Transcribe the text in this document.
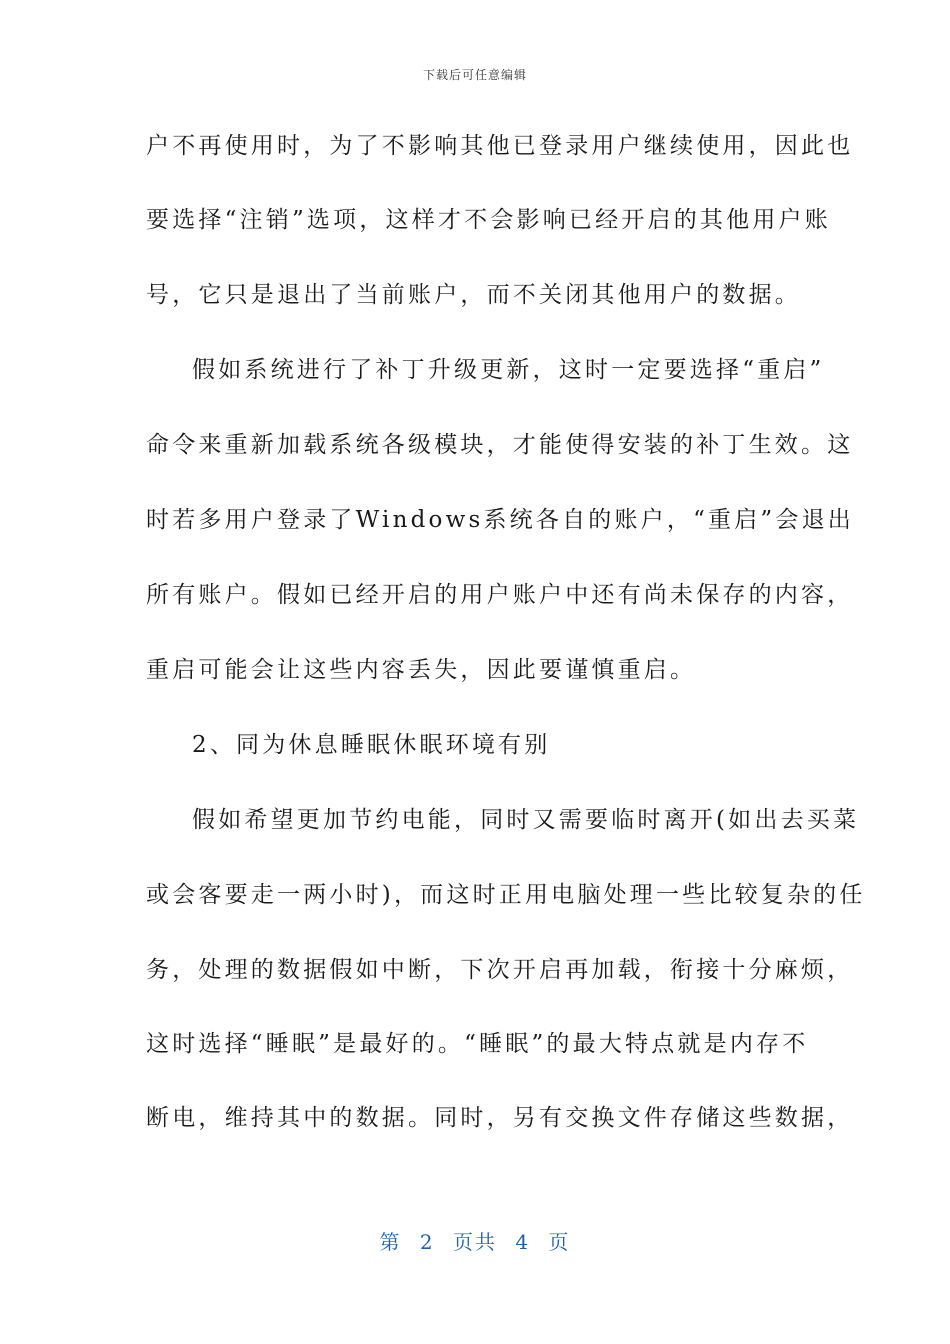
下载后可任意编辑
户不再使用时，为了不影响其他已登录用户继续使用，因此也
要选择“注销”选项，这样才不会影响已经开启的其他用户账
号，它只是退出了当前账户，而不关闭其他用户的数据。
假如系统进行了补丁升级更新，这时一定要选择“重启”
命令来重新加载系统各级模块，才能使得安装的补丁生效。这
时若多用户登录了Windows系统各自的账户，“重启”会退出
所有账户。假如已经开启的用户账户中还有尚未保存的内容，
重启可能会让这些内容丢失，因此要谨慎重启。
2、同为休息睡眠休眠环境有别
假如希望更加节约电能，同时又需要临时离开(如出去买菜
或会客要走一两小时)，而这时正用电脑处理一些比较复杂的任
务，处理的数据假如中断，下次开启再加载，衔接十分麻烦，
这时选择“睡眠”是最好的。“睡眠”的最大特点就是内存不
断电，维持其中的数据。同时，另有交换文件存储这些数据，
第 2 页共 4 页
